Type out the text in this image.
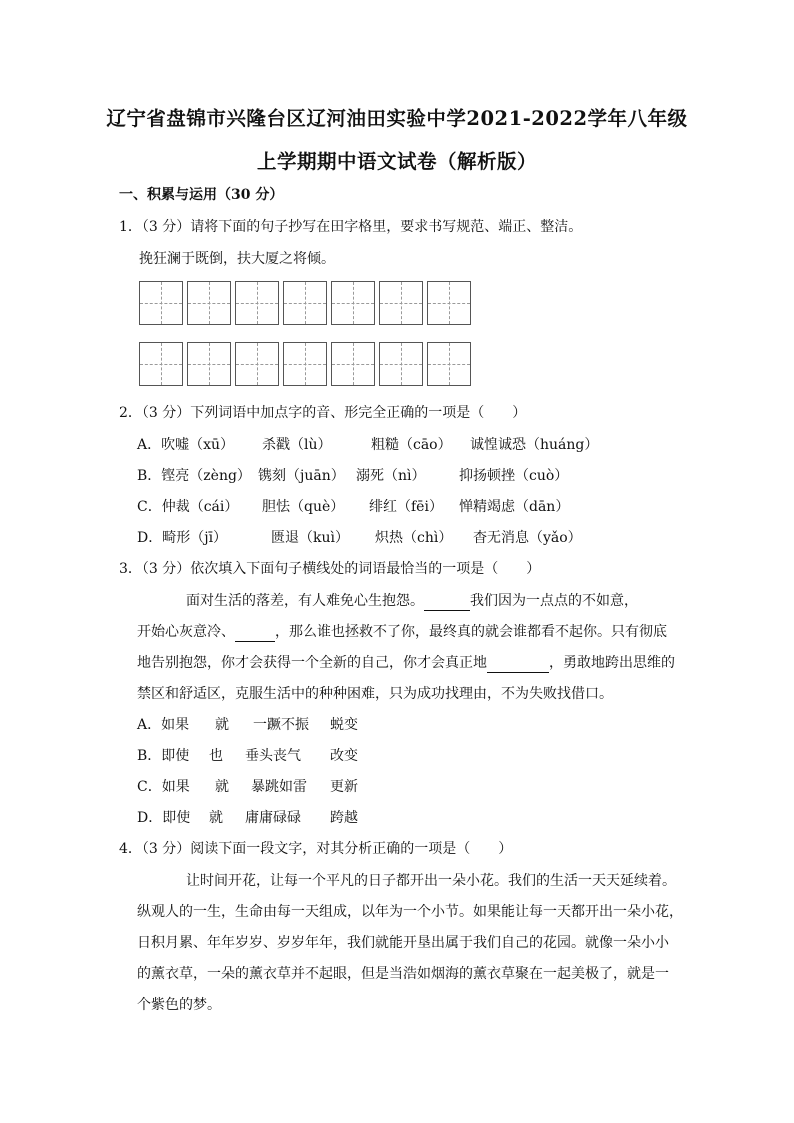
辽宁省盘锦市兴隆台区辽河油田实验中学2021-2022学年八年级
上学期期中语文试卷（解析版）
一、积累与运用（30 分）
1．（3 分）请将下面的句子抄写在田字格里，要求书写规范、端正、整洁。
挽狂澜于既倒，扶大厦之将倾。
2．（3 分）下列词语中加点字的音、形完全正确的一项是（　　）
A．吹嘘（xū） 杀戳（lù）	粗糙（cāo） 诚惶诚恐（huáng）
B．铿亮（zèng） 镌刻（juān） 溺死（nì） 抑扬顿挫（cuò）
C．仲裁（cái） 胆怯（què） 绯红（fēi） 惮精竭虑（dān）
D．畸形（jī）	匮退（kuì） 炽热（chì） 杳无消息（yǎo）
3．（3 分）依次填入下面句子横线处的词语最恰当的一项是（　　）
面对生活的落差，有人难免心生抱怨。	我们因为一点点的不如意，
开始心灰意冷、	，那么谁也拯救不了你，最终真的就会谁都看不起你。只有彻底
地告别抱怨，你才会获得一个全新的自己，你才会真正地	，勇敢地跨出思维的
禁区和舒适区，克服生活中的种种困难，只为成功找理由，不为失败找借口。
A．如果 就 一蹶不振 蜕变
B．即使 也 垂头丧气 改变
C．如果 就 暴跳如雷 更新
D．即使 就 庸庸碌碌 跨越
4．（3 分）阅读下面一段文字，对其分析正确的一项是（　　）
让时间开花，让每一个平凡的日子都开出一朵小花。我们的生活一天天延续着。
纵观人的一生，生命由每一天组成，以年为一个小节。如果能让每一天都开出一朵小花，
日积月累、年年岁岁、岁岁年年，我们就能开垦出属于我们自己的花园。就像一朵小小
的薰衣草，一朵的薰衣草并不起眼，但是当浩如烟海的薰衣草聚在一起美极了，就是一
个紫色的梦。
